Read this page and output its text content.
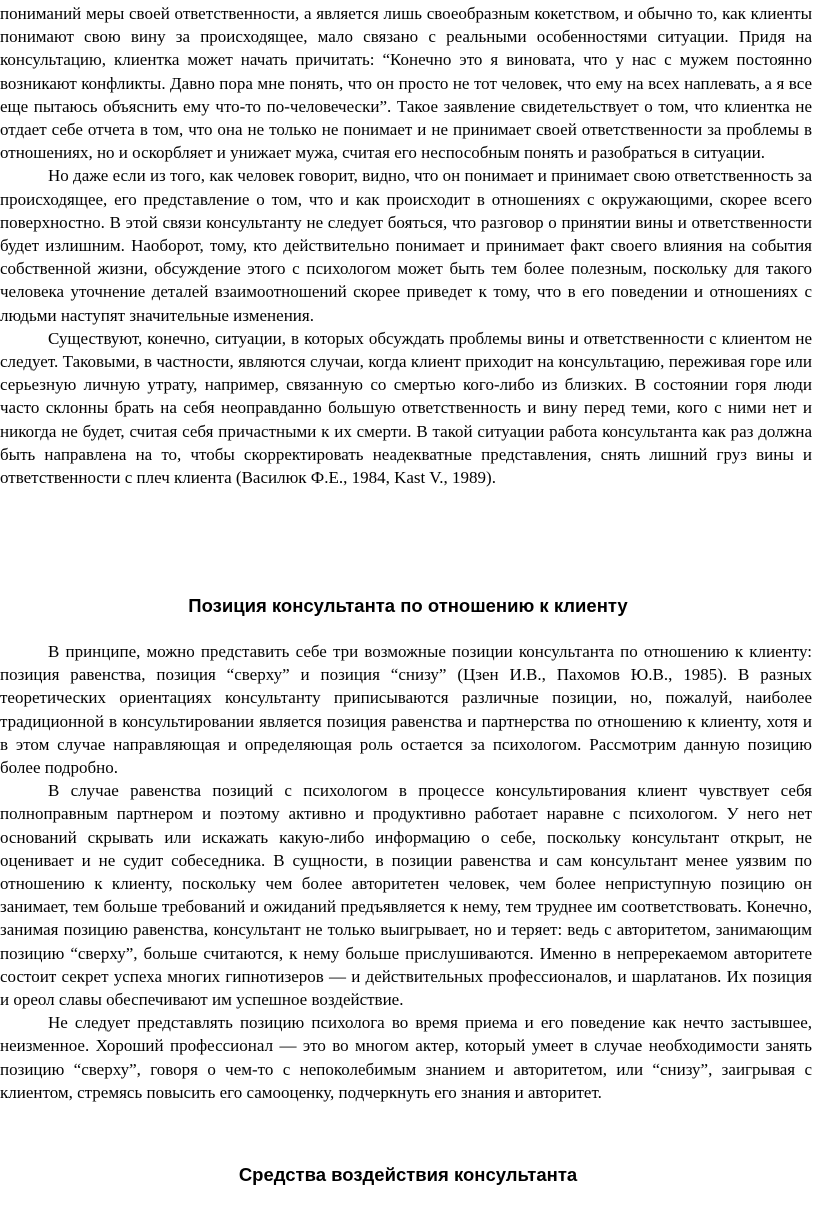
пониманий меры своей ответственности, а является лишь своеобразным кокетством, и обычно то, как клиенты понимают свою вину за происходящее, мало связано с реальными особенностями ситуации. Придя на консультацию, клиентка может начать причитать: “Конечно это я виновата, что у нас с мужем постоянно возникают конфликты. Давно пора мне понять, что он просто не тот человек, что ему на всех наплевать, а я все еще пытаюсь объяснить ему что-то по-человечески”. Такое заявление свидетельствует о том, что клиентка не отдает себе отчета в том, что она не только не понимает и не принимает своей ответственности за проблемы в отношениях, но и оскорбляет и унижает мужа, считая его неспособным понять и разобраться в ситуации.

Но даже если из того, как человек говорит, видно, что он понимает и принимает свою ответственность за происходящее, его представление о том, что и как происходит в отношениях с окружающими, скорее всего поверхностно. В этой связи консультанту не следует бояться, что разговор о принятии вины и ответственности будет излишним. Наоборот, тому, кто действительно понимает и принимает факт своего влияния на события собственной жизни, обсуждение этого с психологом может быть тем более полезным, поскольку для такого человека уточнение деталей взаимоотношений скорее приведет к тому, что в его поведении и отношениях с людьми наступят значительные изменения.

Существуют, конечно, ситуации, в которых обсуждать проблемы вины и ответственности с клиентом не следует. Таковыми, в частности, являются случаи, когда клиент приходит на консультацию, переживая горе или серьезную личную утрату, например, связанную со смертью кого-либо из близких. В состоянии горя люди часто склонны брать на себя неоправданно большую ответственность и вину перед теми, кого с ними нет и никогда не будет, считая себя причастными к их смерти. В такой ситуации работа консультанта как раз должна быть направлена на то, чтобы скорректировать неадекватные представления, снять лишний груз вины и ответственности с плеч клиента (Василюк Ф.Е., 1984, Kast V., 1989).

Позиция консультанта по отношению к клиенту

В принципе, можно представить себе три возможные позиции консультанта по отношению к клиенту: позиция равенства, позиция “сверху” и позиция “снизу” (Цзен И.В., Пахомов Ю.В., 1985). В разных теоретических ориентациях консультанту приписываются различные позиции, но, пожалуй, наиболее традиционной в консультировании является позиция равенства и партнерства по отношению к клиенту, хотя и в этом случае направляющая и определяющая роль остается за психологом. Рассмотрим данную позицию более подробно.

В случае равенства позиций с психологом в процессе консультирования клиент чувствует себя полноправным партнером и поэтому активно и продуктивно работает наравне с психологом. У него нет оснований скрывать или искажать какую-либо информацию о себе, поскольку консультант открыт, не оценивает и не судит собеседника. В сущности, в позиции равенства и сам консультант менее уязвим по отношению к клиенту, поскольку чем более авторитетен человек, чем более неприступную позицию он занимает, тем больше требований и ожиданий предъявляется к нему, тем труднее им соответствовать. Конечно, занимая позицию равенства, консультант не только выигрывает, но и теряет: ведь с авторитетом, занимающим позицию “сверху”, больше считаются, к нему больше прислушиваются. Именно в непререкаемом авторитете состоит секрет успеха многих гипнотизеров — и действительных профессионалов, и шарлатанов. Их позиция и ореол славы обеспечивают им успешное воздействие.

Не следует представлять позицию психолога во время приема и его поведение как нечто застывшее, неизменное. Хороший профессионал — это во многом актер, который умеет в случае необходимости занять позицию “сверху”, говоря о чем-то с непоколебимым знанием и авторитетом, или “снизу”, заигрывая с клиентом, стремясь повысить его самооценку, подчеркнуть его знания и авторитет.

Средства воздействия консультанта
